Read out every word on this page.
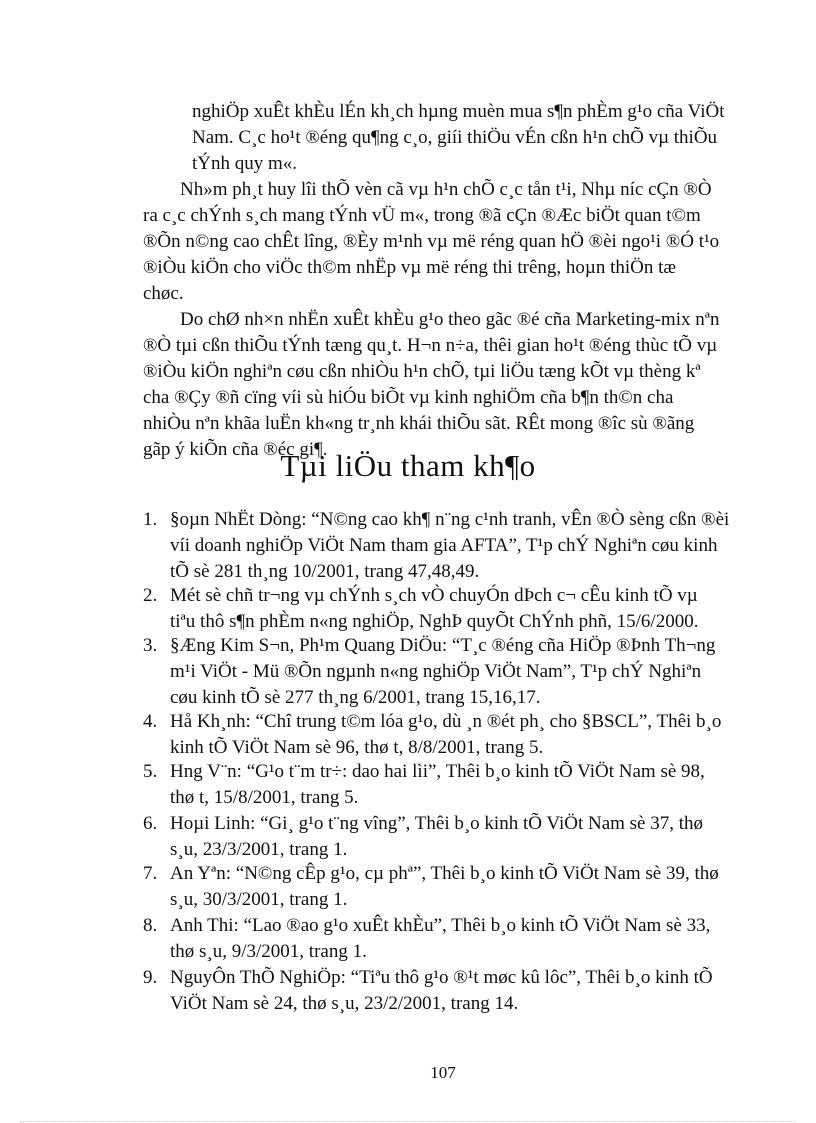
nghiÖp xuÊt khÈu lÉn kh¸ch hµng muèn mua s¶n phÈm g¹o cña ViÖt
Nam. C¸c ho¹t ®éng qu¶ng c¸o, giíi thiÖu vÉn cßn h¹n chÕ vµ thiÕu
tÝnh quy m«.
Nh»m ph¸t huy lîi thÕ vèn cã vµ h¹n chÕ c¸c tån t¹i, Nhµ níc cÇn ®Ò
ra c¸c chÝnh s¸ch mang tÝnh vÜ m«, trong ®ã cÇn ®Æc biÖt quan t©m
®Õn n©ng cao chÊt lîng, ®Èy m¹nh vµ më réng quan hÖ ®èi ngo¹i ®Ó t¹o
®iÒu kiÖn cho viÖc th©m nhËp vµ më réng thi trêng, hoµn thiÖn tæ
chøc.
Do chØ nh×n nhËn xuÊt khÈu g¹o theo gãc ®é cña Marketing-mix nªn
®Ò tµi cßn thiÕu tÝnh tæng qu¸t. H¬n n÷a, thêi gian ho¹t ®éng thùc tÕ vµ
®iÒu kiÖn nghiªn cøu cßn nhiÒu h¹n chÕ, tµi liÖu tæng kÕt vµ thèng kª
cha ®Çy ®ñ cïng víi sù hiÓu biÕt vµ kinh nghiÖm cña b¶n th©n cha
nhiÒu nªn khãa luËn kh«ng tr¸nh khái thiÕu sãt. RÊt mong ®îc sù ®ãng
gãp ý kiÕn cña ®éc gi¶.
Tµi liÖu tham kh¶o
1. §oµn NhËt Dòng: “N©ng cao kh¶ n¨ng c¹nh tranh, vÊn ®Ò sèng cßn ®èi
víi doanh nghiÖp ViÖt Nam tham gia AFTA”, T¹p chÝ Nghiªn cøu kinh
tÕ sè 281 th¸ng 10/2001, trang 47,48,49.
2. Mét sè chñ tr¬ng vµ chÝnh s¸ch vÒ chuyÓn dÞch c¬ cÊu kinh tÕ vµ
tiªu thô s¶n phÈm n«ng nghiÖp, NghÞ quyÕt ChÝnh phñ, 15/6/2000.
3. §Æng Kim S¬n, Ph¹m Quang DiÖu: “T¸c ®éng cña HiÖp ®Þnh Th¬ng
m¹i ViÖt - Mü ®Õn ngµnh n«ng nghiÖp ViÖt Nam”, T¹p chÝ Nghiªn
cøu kinh tÕ sè 277 th¸ng 6/2001, trang 15,16,17.
4. Hå Kh¸nh: “Chî trung t©m lóa g¹o, dù ¸n ®ét ph¸ cho §BSCL”, Thêi b¸o
kinh tÕ ViÖt Nam sè 96, thø t, 8/8/2001, trang 5.
5. Hng V¨n: “G¹o t¨m tr÷: dao hai lìi”, Thêi b¸o kinh tÕ ViÖt Nam sè 98,
thø t, 15/8/2001, trang 5.
6. Hoµi Linh: “Gi¸ g¹o t¨ng vîng”, Thêi b¸o kinh tÕ ViÖt Nam sè 37, thø
s¸u, 23/3/2001, trang 1.
7. An Yªn: “N©ng cÊp g¹o, cµ phª”, Thêi b¸o kinh tÕ ViÖt Nam sè 39, thø
s¸u, 30/3/2001, trang 1.
8. Anh Thi: “Lao ®ao g¹o xuÊt khÈu”, Thêi b¸o kinh tÕ ViÖt Nam sè 33,
thø s¸u, 9/3/2001, trang 1.
9. NguyÔn ThÕ NghiÖp: “Tiªu thô g¹o ®¹t møc kû lôc”, Thêi b¸o kinh tÕ
ViÖt Nam sè 24, thø s¸u, 23/2/2001, trang 14.
107
